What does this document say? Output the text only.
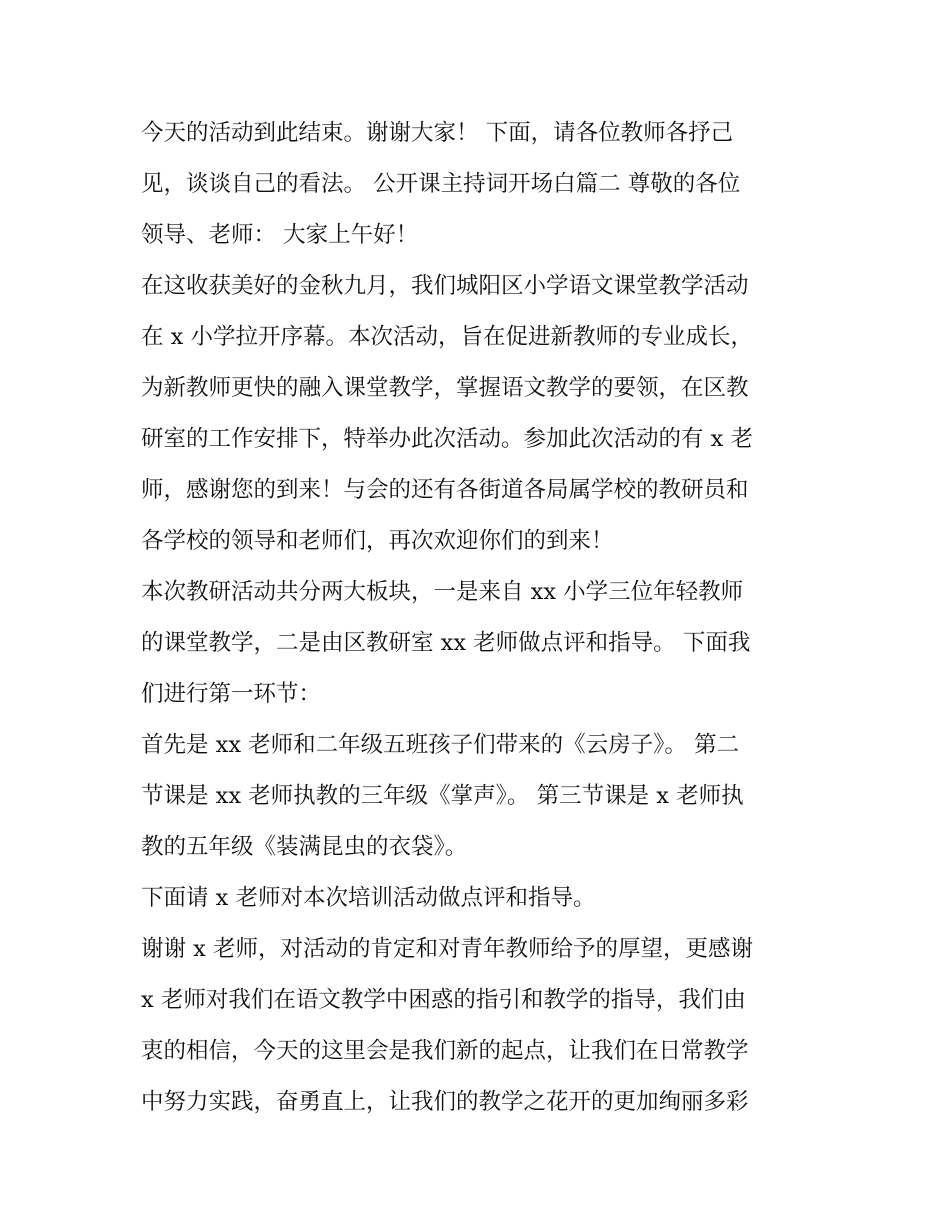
今天的活动到此结束。谢谢大家！ 下面，请各位教师各抒己
见，谈谈自己的看法。 公开课主持词开场白篇二 尊敬的各位
领导、老师： 大家上午好！
在这收获美好的金秋九月，我们城阳区小学语文课堂教学活动
在 x 小学拉开序幕。本次活动，旨在促进新教师的专业成长，
为新教师更快的融入课堂教学，掌握语文教学的要领，在区教
研室的工作安排下，特举办此次活动。参加此次活动的有 x 老
师，感谢您的到来！与会的还有各街道各局属学校的教研员和
各学校的领导和老师们，再次欢迎你们的到来！
本次教研活动共分两大板块，一是来自 xx 小学三位年轻教师
的课堂教学，二是由区教研室 xx 老师做点评和指导。 下面我
们进行第一环节：
首先是 xx 老师和二年级五班孩子们带来的《云房子》。 第二
节课是 xx 老师执教的三年级《掌声》。 第三节课是 x 老师执
教的五年级《装满昆虫的衣袋》。
下面请 x 老师对本次培训活动做点评和指导。
谢谢 x 老师，对活动的肯定和对青年教师给予的厚望，更感谢
x 老师对我们在语文教学中困惑的指引和教学的指导，我们由
衷的相信，今天的这里会是我们新的起点，让我们在日常教学
中努力实践，奋勇直上，让我们的教学之花开的更加绚丽多彩
